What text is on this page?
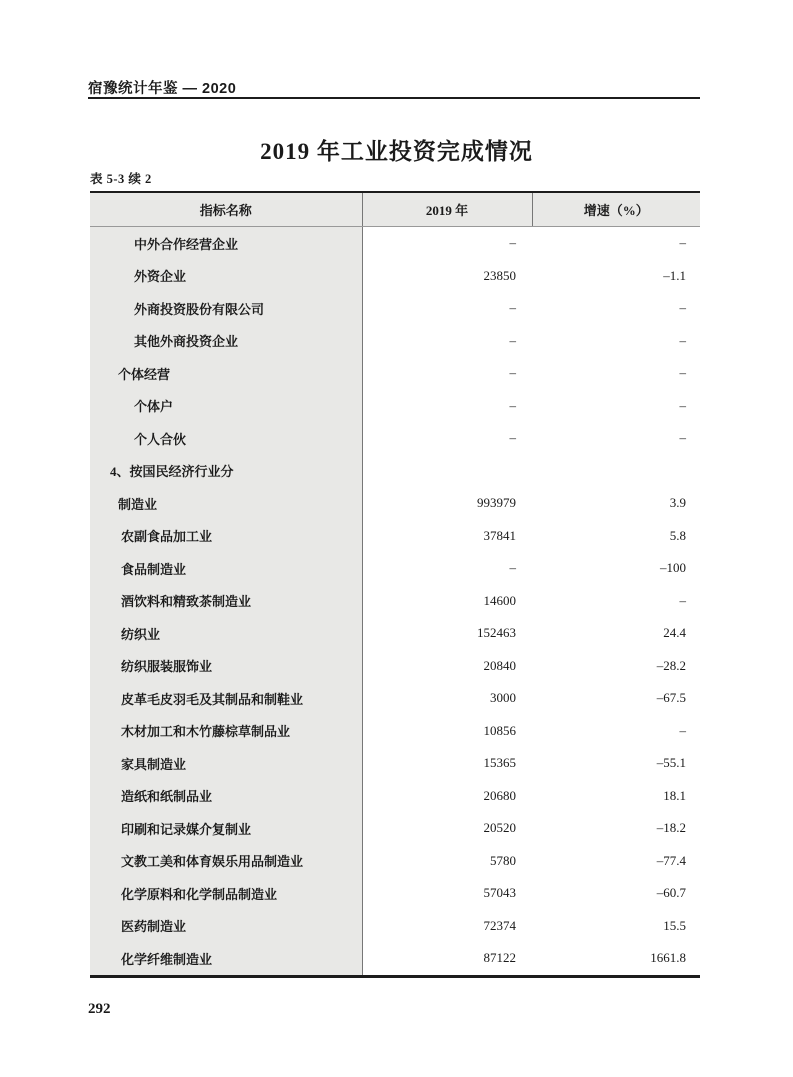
宿豫统计年鉴 — 2020
2019 年工业投资完成情况
表 5-3 续 2
指标名称	2019 年	增速（%）
中外合作经营企业	–	–
外资企业	23850	–1.1
外商投资股份有限公司	–	–
其他外商投资企业	–	–
个体经营	–	–
个体户	–	–
个人合伙	–	–
4、按国民经济行业分		
制造业	993979	3.9
农副食品加工业	37841	5.8
食品制造业	–	–100
酒饮料和精致茶制造业	14600	–
纺织业	152463	24.4
纺织服装服饰业	20840	–28.2
皮革毛皮羽毛及其制品和制鞋业	3000	–67.5
木材加工和木竹藤棕草制品业	10856	–
家具制造业	15365	–55.1
造纸和纸制品业	20680	18.1
印刷和记录媒介复制业	20520	–18.2
文教工美和体育娱乐用品制造业	5780	–77.4
化学原料和化学制品制造业	57043	–60.7
医药制造业	72374	15.5
化学纤维制造业	87122	1661.8
292
